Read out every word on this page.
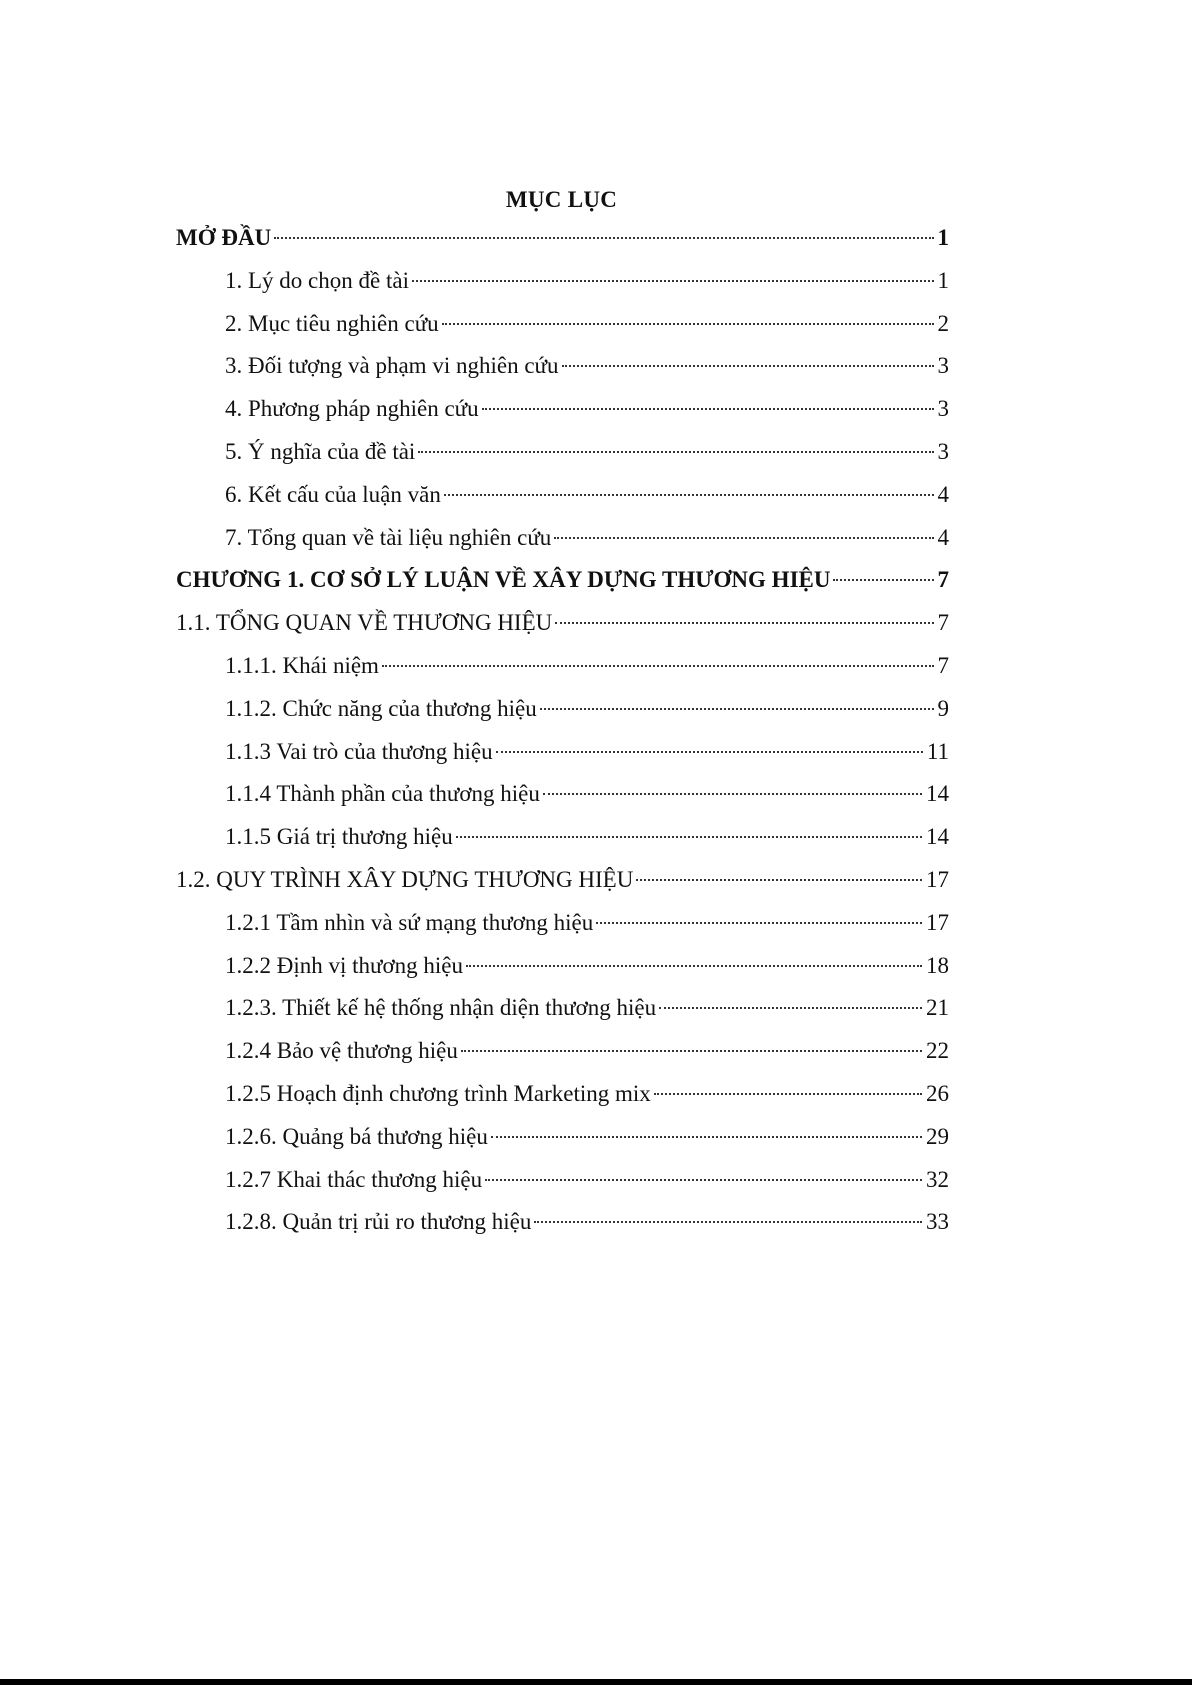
MỤC LỤC
MỞ ĐẦU	1
1. Lý do chọn đề tài	1
2. Mục tiêu nghiên cứu	2
3. Đối tượng và phạm vi nghiên cứu	3
4. Phương pháp nghiên cứu	3
5. Ý nghĩa của đề tài	3
6. Kết cấu của luận văn	4
7. Tổng quan về tài liệu nghiên cứu	4
CHƯƠNG 1. CƠ SỞ LÝ LUẬN VỀ XÂY DỰNG THƯƠNG HIỆU	7
1.1. TỔNG QUAN VỀ THƯƠNG HIỆU	7
1.1.1. Khái niệm	7
1.1.2. Chức năng của thương hiệu	9
1.1.3 Vai trò của thương hiệu	11
1.1.4 Thành phần của thương hiệu	14
1.1.5 Giá trị thương hiệu	14
1.2. QUY TRÌNH XÂY DỰNG THƯƠNG HIỆU	17
1.2.1 Tầm nhìn và sứ mạng thương hiệu	17
1.2.2 Định vị thương hiệu	18
1.2.3. Thiết kế hệ thống nhận diện thương hiệu	21
1.2.4 Bảo vệ thương hiệu	22
1.2.5 Hoạch định chương trình Marketing mix	26
1.2.6. Quảng bá thương hiệu	29
1.2.7 Khai thác thương hiệu	32
1.2.8. Quản trị rủi ro thương hiệu	33
